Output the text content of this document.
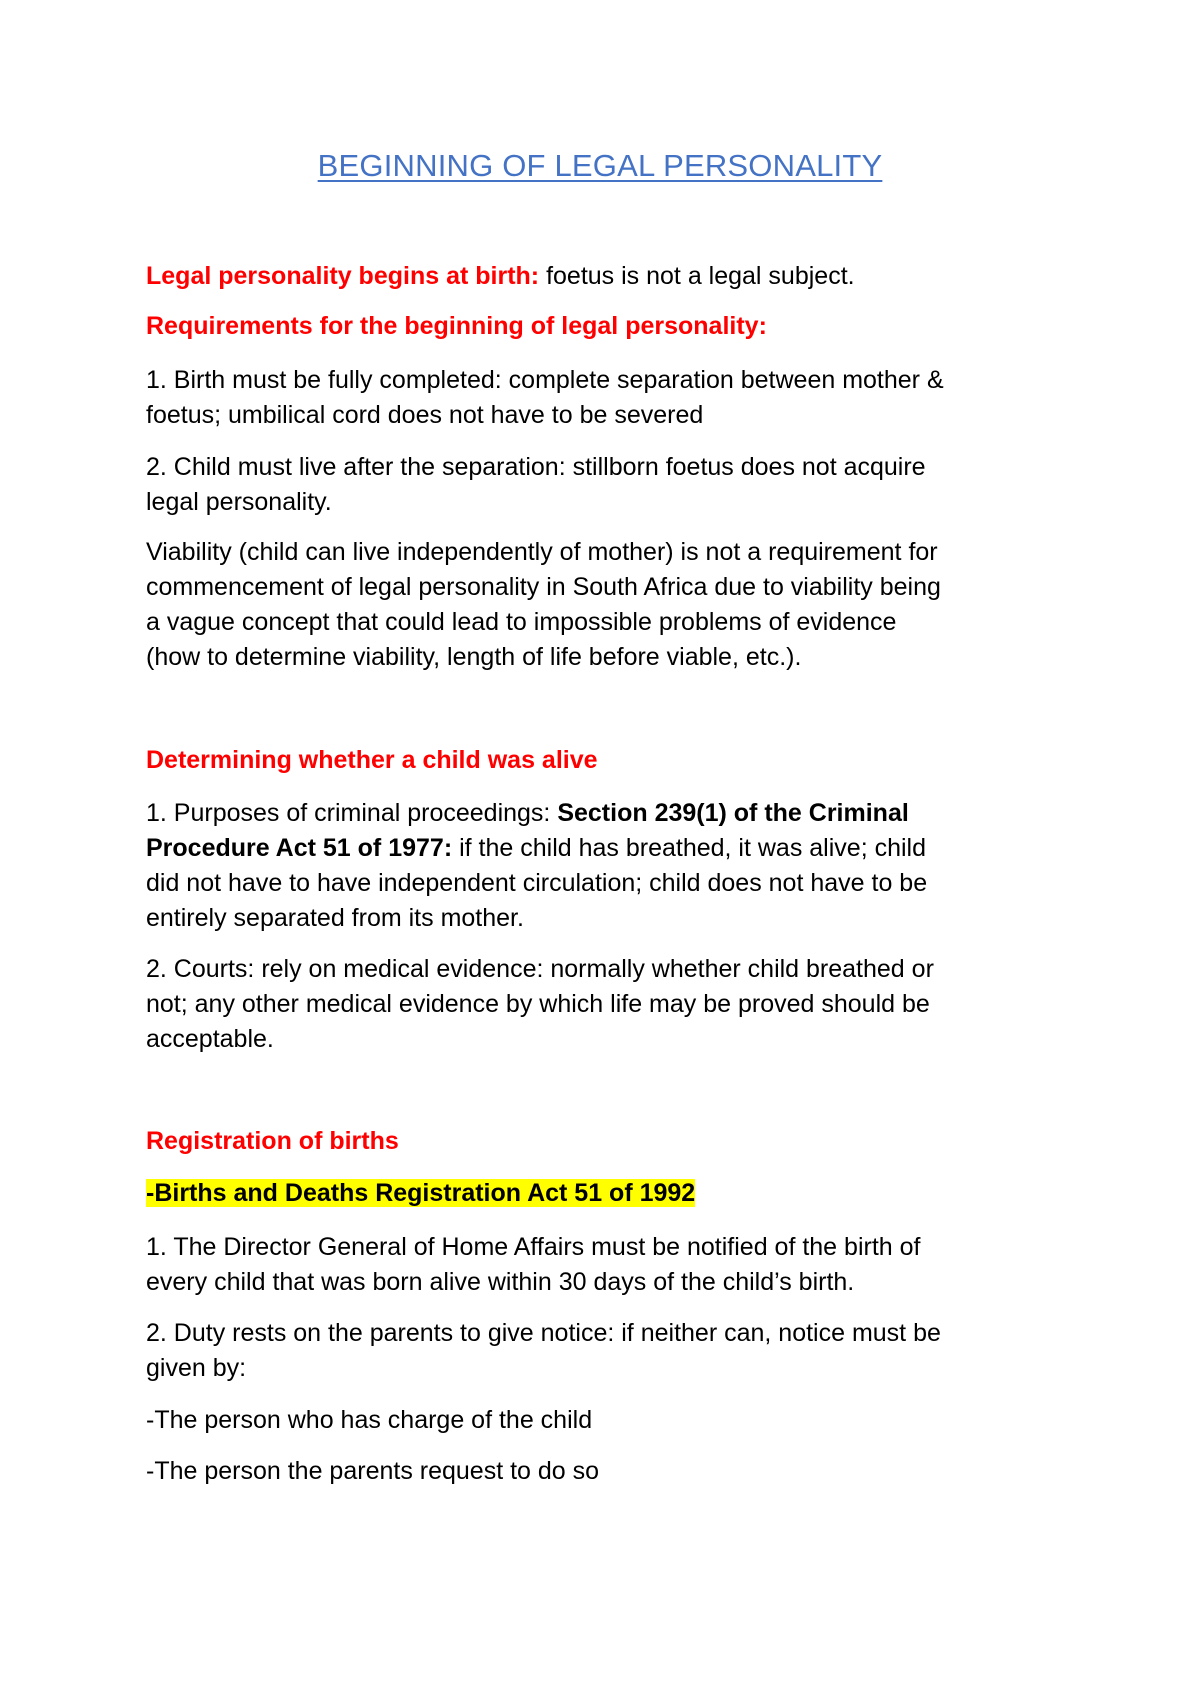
BEGINNING OF LEGAL PERSONALITY

Legal personality begins at birth: foetus is not a legal subject.

Requirements for the beginning of legal personality:

1. Birth must be fully completed: complete separation between mother &
foetus; umbilical cord does not have to be severed

2. Child must live after the separation: stillborn foetus does not acquire
legal personality.

Viability (child can live independently of mother) is not a requirement for
commencement of legal personality in South Africa due to viability being
a vague concept that could lead to impossible problems of evidence
(how to determine viability, length of life before viable, etc.).

Determining whether a child was alive

1. Purposes of criminal proceedings: Section 239(1) of the Criminal
Procedure Act 51 of 1977: if the child has breathed, it was alive; child
did not have to have independent circulation; child does not have to be
entirely separated from its mother.

2. Courts: rely on medical evidence: normally whether child breathed or
not; any other medical evidence by which life may be proved should be
acceptable.

Registration of births

-Births and Deaths Registration Act 51 of 1992

1. The Director General of Home Affairs must be notified of the birth of
every child that was born alive within 30 days of the child’s birth.

2. Duty rests on the parents to give notice: if neither can, notice must be
given by:

-The person who has charge of the child

-The person the parents request to do so
